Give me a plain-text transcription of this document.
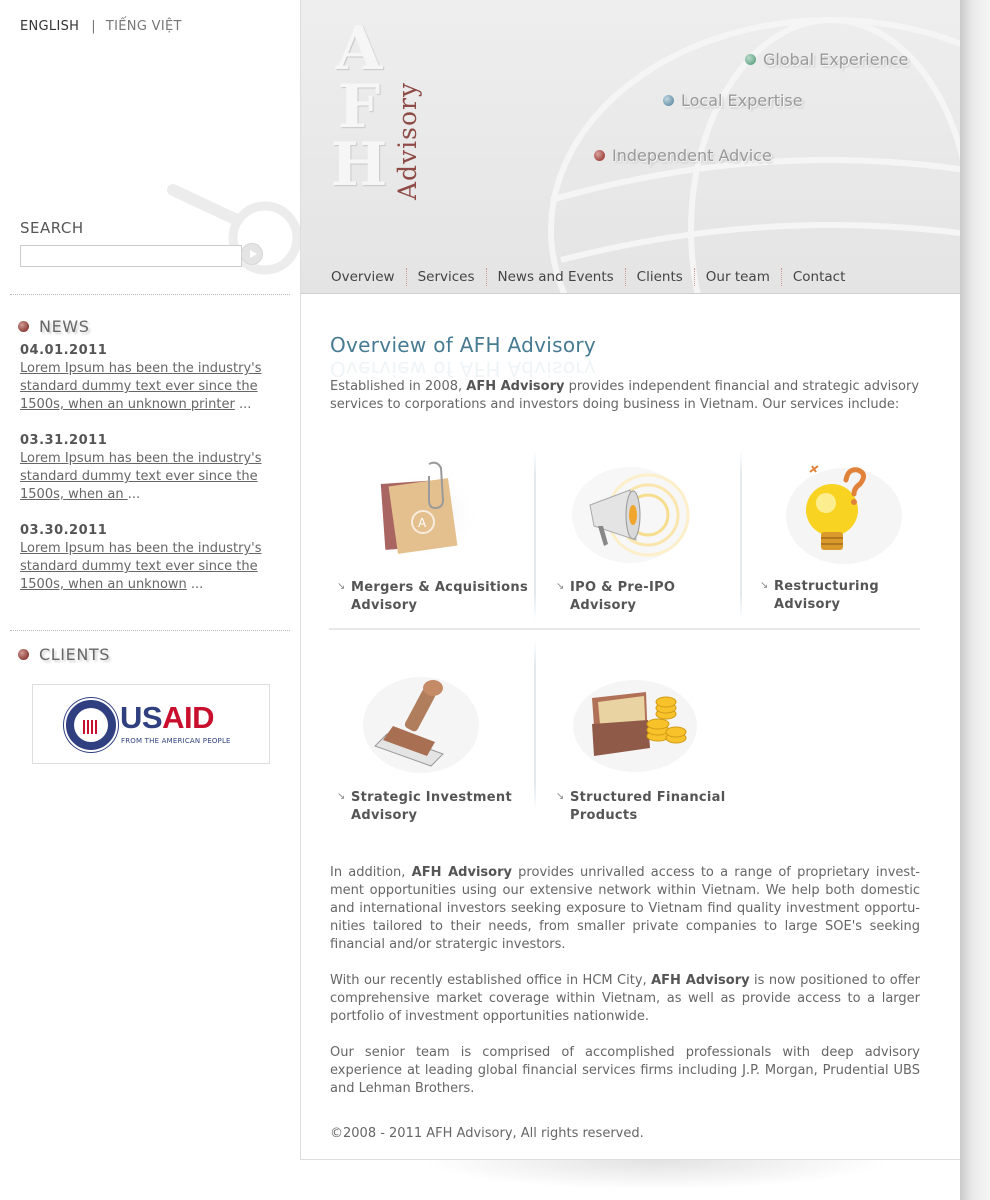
ENGLISH | TIẾNG VIỆT
SEARCH
NEWS
04.01.2011
Lorem Ipsum has been the industry's standard dummy text ever since the 1500s, when an unknown printer ...
03.31.2011
Lorem Ipsum has been the industry's standard dummy text ever since the 1500s, when an ...
03.30.2011
Lorem Ipsum has been the industry's standard dummy text ever since the 1500s, when an unknown ...
CLIENTS
USAID
FROM THE AMERICAN PEOPLE
A
F
H Advisory
Global Experience
Local Expertise
Independent Advice
Overview	Services	News and Events	Clients	Our team	Contact
Overview of AFH Advisory
Overview of AFH Advisory
Established in 2008, AFH Advisory provides independent financial and strategic advisory services to corporations and investors doing business in Vietnam. Our services include:
A
↘ Mergers & Acquisitions
Advisory
↘ IPO & Pre-IPO
Advisory
↘ Restructuring
Advisory
↘ Strategic Investment
Advisory
↘ Structured Financial
Products
In addition, AFH Advisory provides unrivalled access to a range of proprietary invest-ment opportunities using our extensive network within Vietnam. We help both domestic and international investors seeking exposure to Vietnam find quality investment opportu-nities tailored to their needs, from smaller private companies to large SOE's seeking financial and/or stratergic investors.
With our recently established office in HCM City, AFH Advisory is now positioned to offer comprehensive market coverage within Vietnam, as well as provide access to a larger portfolio of investment opportunities nationwide.
Our senior team is comprised of accomplished professionals with deep advisory experience at leading global financial services firms including J.P. Morgan, Prudential UBS and Lehman Brothers.
©2008 - 2011 AFH Advisory, All rights reserved.
